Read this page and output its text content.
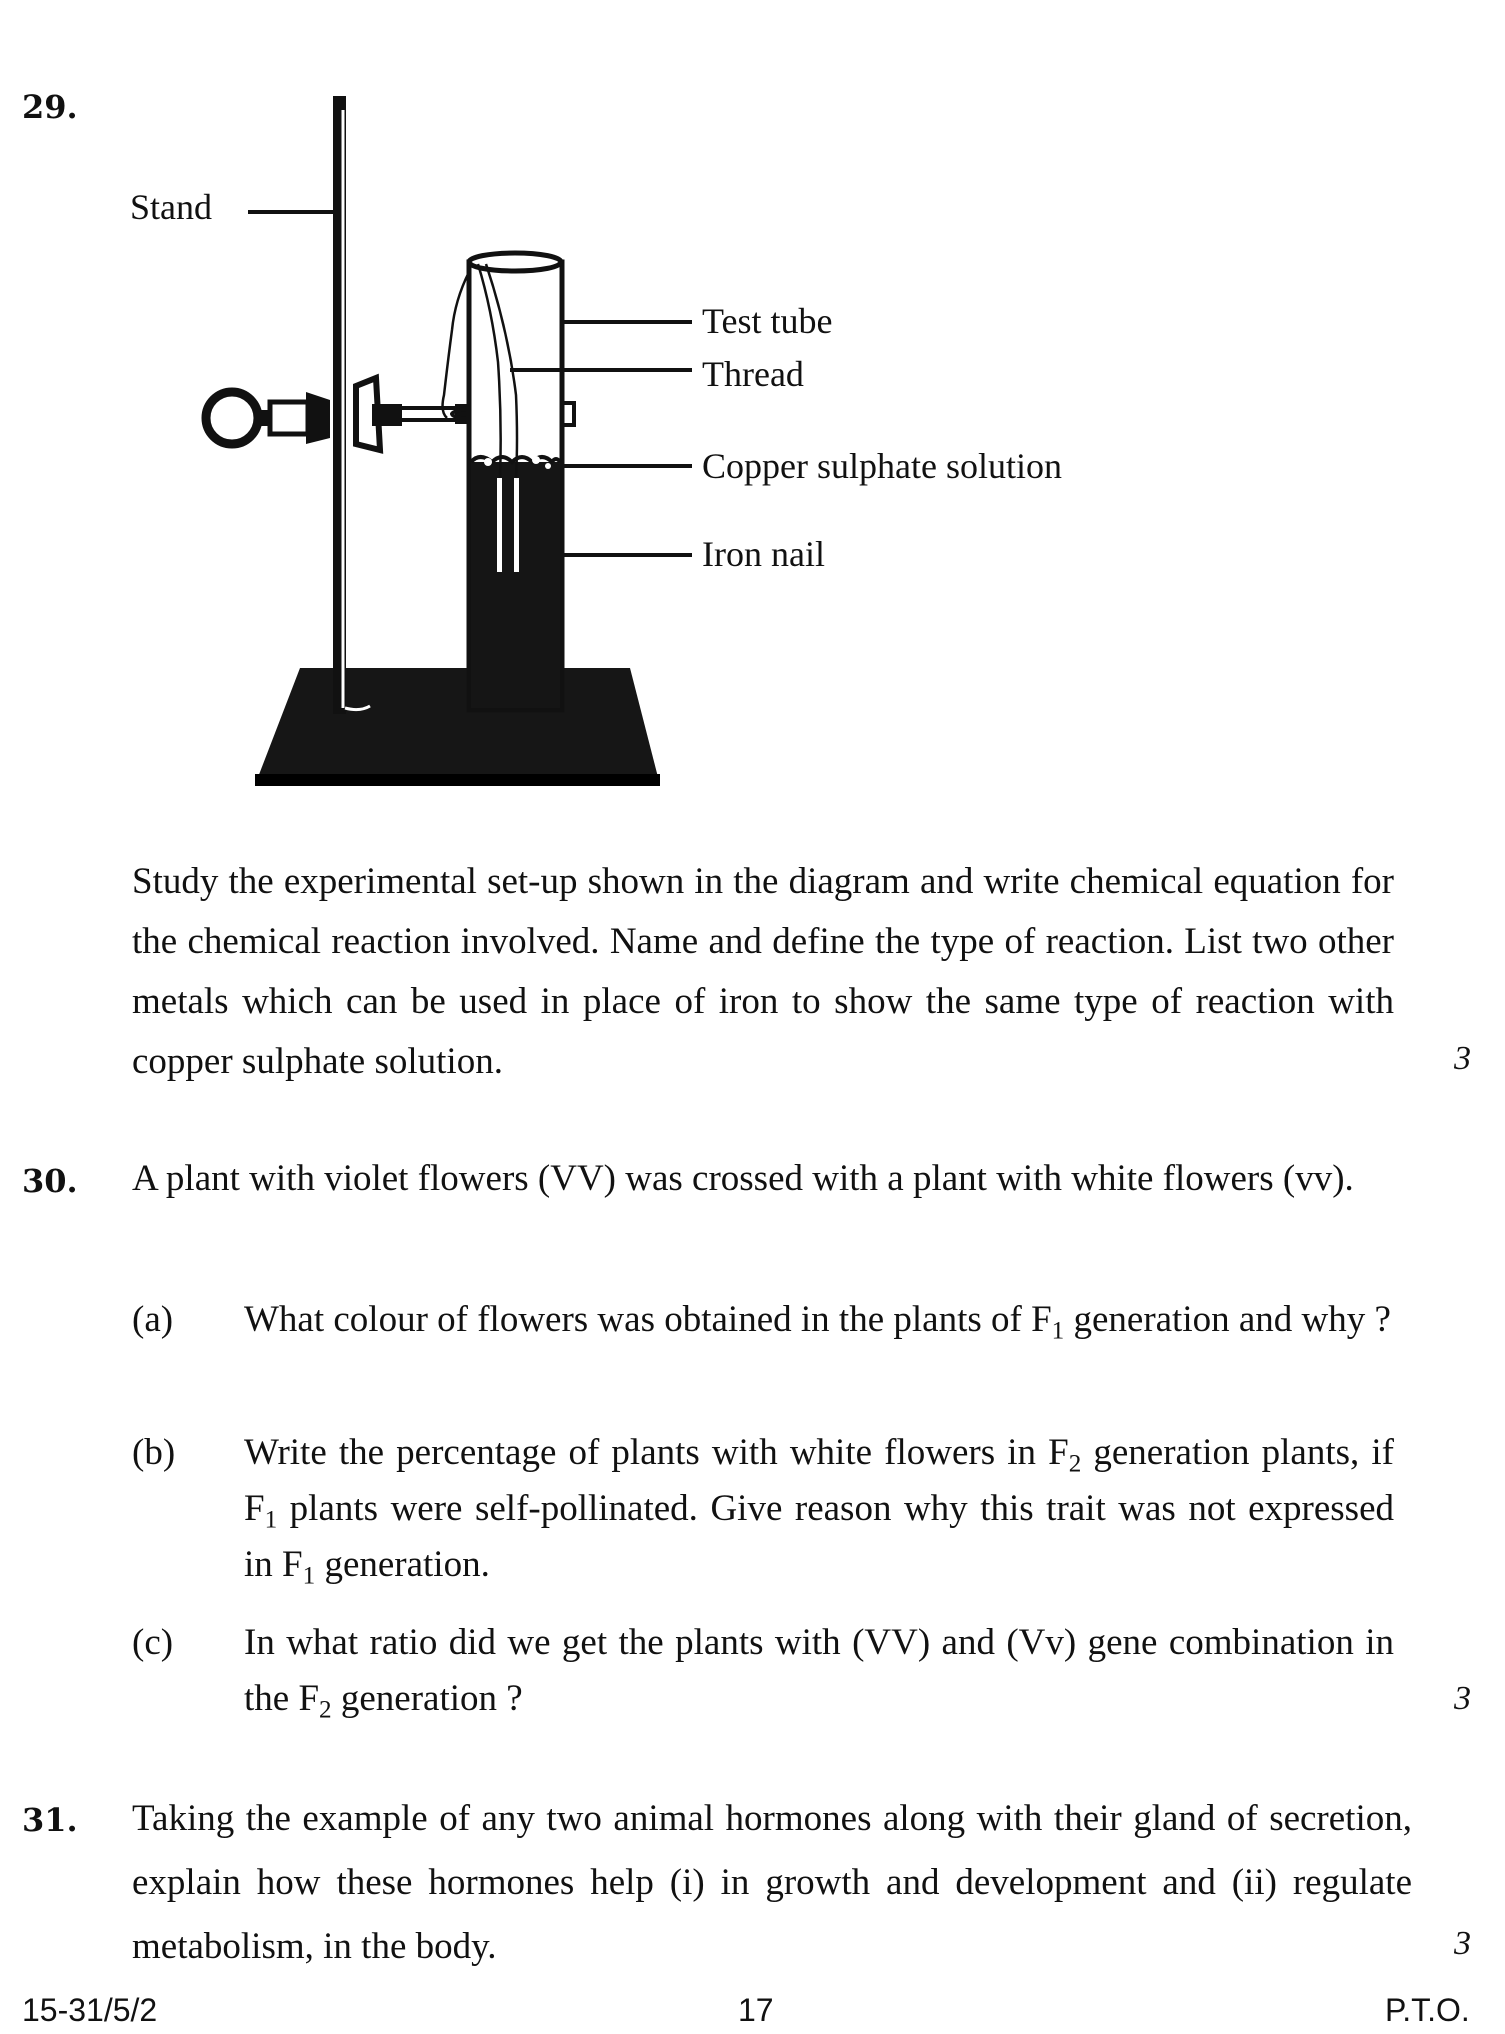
29.
Stand
Test tube
Thread
Copper sulphate solution
Iron nail
Study the experimental set-up shown in the diagram and write chemical equation for the chemical reaction involved. Name and define the type of reaction. List two other metals which can be used in place of iron to show the same type of reaction with copper sulphate solution.	3
30. A plant with violet flowers (VV) was crossed with a plant with white flowers (vv).
(a) What colour of flowers was obtained in the plants of $F_1$ generation and why ?
(b) Write the percentage of plants with white flowers in $F_2$ generation plants, if $F_1$ plants were self-pollinated. Give reason why this trait was not expressed in $F_1$ generation.
(c) In what ratio did we get the plants with (VV) and (Vv) gene combination in the $F_2$ generation ?	3
31. Taking the example of any two animal hormones along with their gland of secretion, explain how these hormones help (i) in growth and development and (ii) regulate metabolism, in the body.	3
15-31/5/2	17	P.T.O.
